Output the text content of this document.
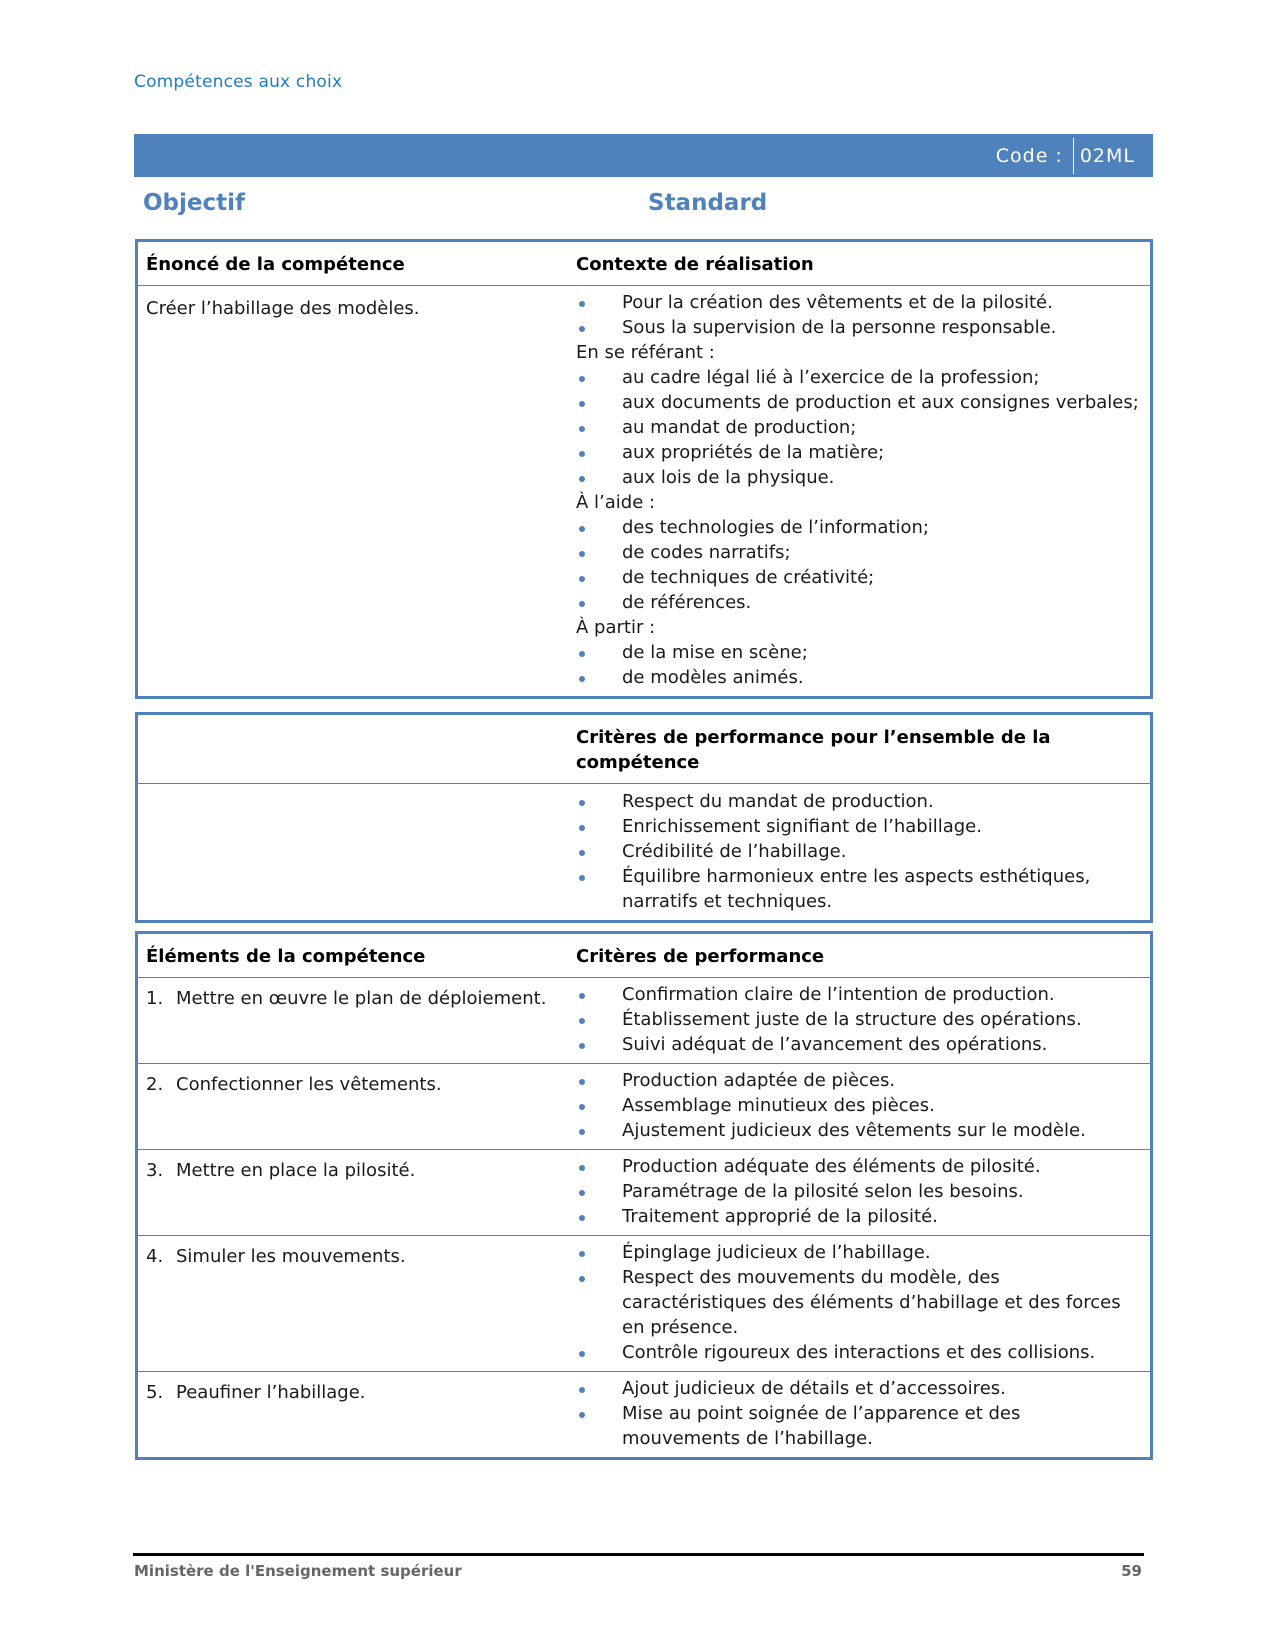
Compétences aux choix
Code : 02ML
Objectif	Standard
Énoncé de la compétence	Contexte de réalisation
Créer l’habillage des modèles.	Pour la création des vêtements et de la pilosité.
Sous la supervision de la personne responsable.

En se référant :

au cadre légal lié à l’exercice de la profession;
aux documents de production et aux consignes verbales;
au mandat de production;
aux propriétés de la matière;
aux lois de la physique.

À l’aide :

des technologies de l’information;
de codes narratifs;
de techniques de créativité;
de références.

À partir :

de la mise en scène;
de modèles animés.
Critères de performance pour l’ensemble de la compétence
Respect du mandat de production.
Enrichissement signifiant de l’habillage.
Crédibilité de l’habillage.
Équilibre harmonieux entre les aspects esthétiques, narratifs et techniques.
Éléments de la compétence	Critères de performance
1. Mettre en œuvre le plan de déploiement.	Confirmation claire de l’intention de production.
Établissement juste de la structure des opérations.
Suivi adéquat de l’avancement des opérations.
2. Confectionner les vêtements.	Production adaptée de pièces.
Assemblage minutieux des pièces.
Ajustement judicieux des vêtements sur le modèle.
3. Mettre en place la pilosité.	Production adéquate des éléments de pilosité.
Paramétrage de la pilosité selon les besoins.
Traitement approprié de la pilosité.
4. Simuler les mouvements.	Épinglage judicieux de l’habillage.
Respect des mouvements du modèle, des caractéristiques des éléments d’habillage et des forces en présence.
Contrôle rigoureux des interactions et des collisions.
5. Peaufiner l’habillage.	Ajout judicieux de détails et d’accessoires.
Mise au point soignée de l’apparence et des mouvements de l’habillage.
Ministère de l'Enseignement supérieur	59
